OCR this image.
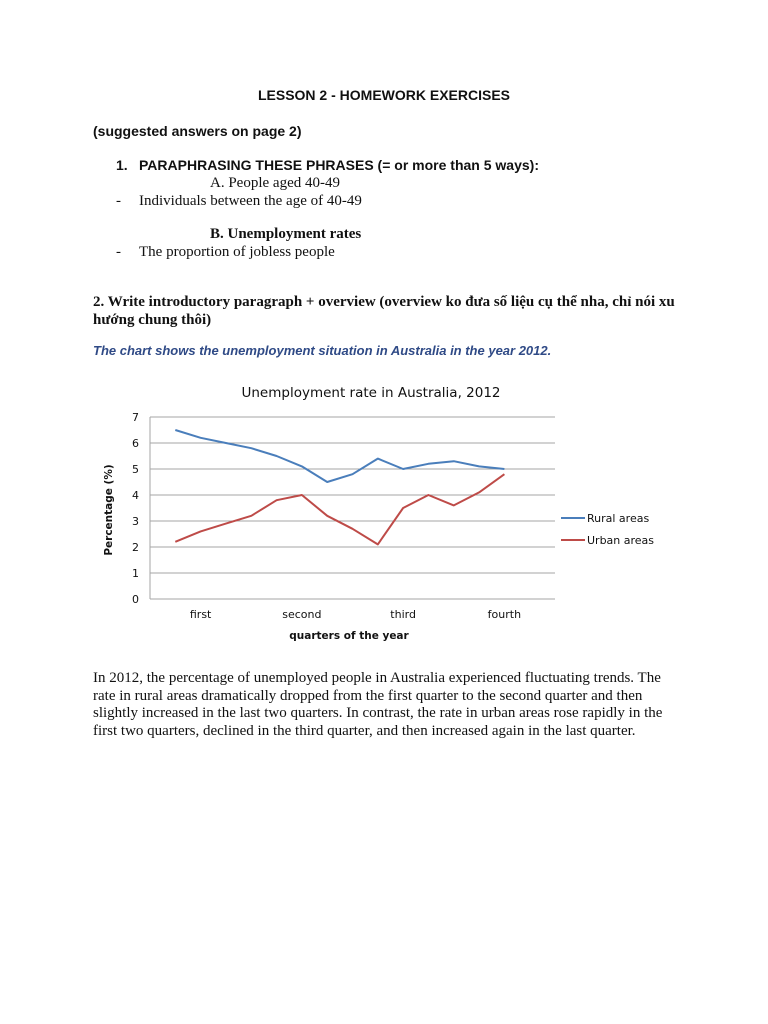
LESSON 2 - HOMEWORK EXERCISES
(suggested answers on page 2)
1. PARAPHRASING THESE PHRASES (= or more than 5 ways):
A. People aged 40-49
- Individuals between the age of 40-49
B. Unemployment rates
- The proportion of jobless people
2. Write introductory paragraph + overview (overview ko đưa số liệu cụ thể nha, chỉ nói xu hướng chung thôi)
The chart shows the unemployment situation in Australia in the year 2012.
Unemployment rate in Australia, 2012
0
1
2
3
4
5
6
7
first	second	third	fourth
Percentage (%)
quarters of the year
Rural areas
Urban areas
In 2012, the percentage of unemployed people in Australia experienced fluctuating trends. The rate in rural areas dramatically dropped from the first quarter to the second quarter and then slightly increased in the last two quarters. In contrast, the rate in urban areas rose rapidly in the first two quarters, declined in the third quarter, and then increased again in the last quarter.
